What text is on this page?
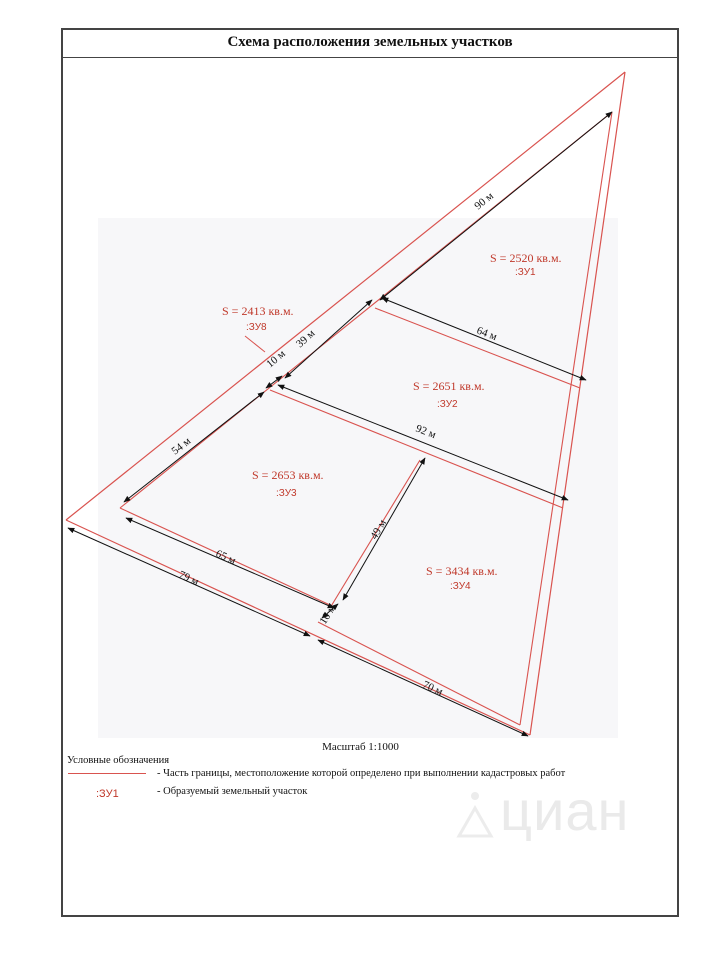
Схема расположения земельных участков
90 м
39 м
10 м
64 м
54 м
92 м
49 м
65 м
79 м
10 м
70 м
S = 2520 кв.м.
:ЗУ1
S = 2413 кв.м.
:ЗУ8
S = 2651 кв.м.
:ЗУ2
S = 2653 кв.м.
:ЗУ3
S = 3434 кв.м.
:ЗУ4
Масштаб 1:1000
Условные обозначения
- Часть границы, местоположение которой определено при выполнении кадастровых работ
:ЗУ1	- Образуемый земельный участок	циан
